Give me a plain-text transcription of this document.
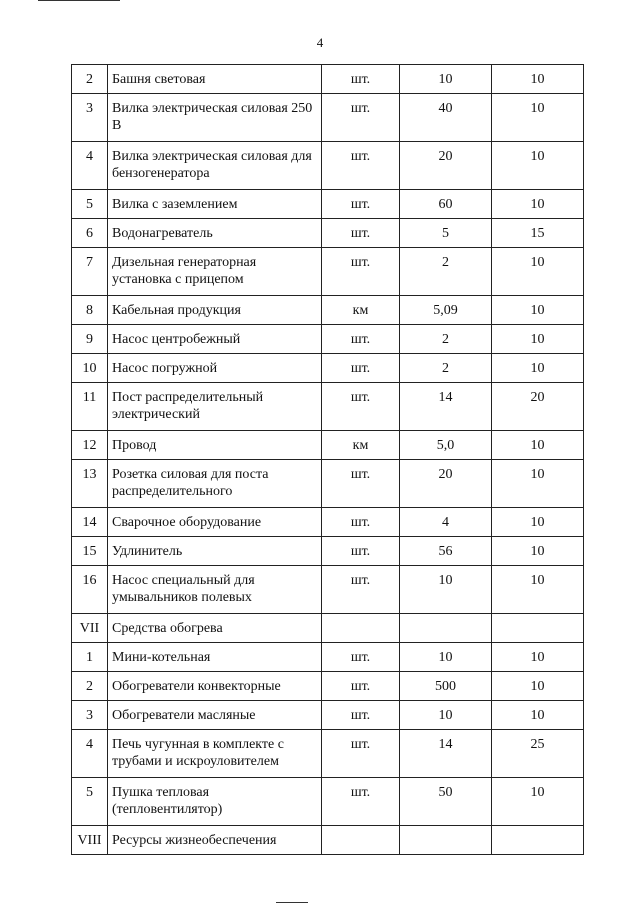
4
2	Башня световая	шт.	10	10
3	Вилка электрическая силовая 250 В	шт.	40	10
4	Вилка электрическая силовая для бензогенератора	шт.	20	10
5	Вилка с заземлением	шт.	60	10
6	Водонагреватель	шт.	5	15
7	Дизельная генераторная установка с прицепом	шт.	2	10
8	Кабельная продукция	км	5,09	10
9	Насос центробежный	шт.	2	10
10	Насос погружной	шт.	2	10
11	Пост распределительный электрический	шт.	14	20
12	Провод	км	5,0	10
13	Розетка силовая для поста распределительного	шт.	20	10
14	Сварочное оборудование	шт.	4	10
15	Удлинитель	шт.	56	10
16	Насос специальный для умывальников полевых	шт.	10	10
VII	Средства обогрева			
1	Мини-котельная	шт.	10	10
2	Обогреватели конвекторные	шт.	500	10
3	Обогреватели масляные	шт.	10	10
4	Печь чугунная в комплекте с трубами и искроуловителем	шт.	14	25
5	Пушка тепловая (тепловентилятор)	шт.	50	10
VIII	Ресурсы жизнеобеспечения			
